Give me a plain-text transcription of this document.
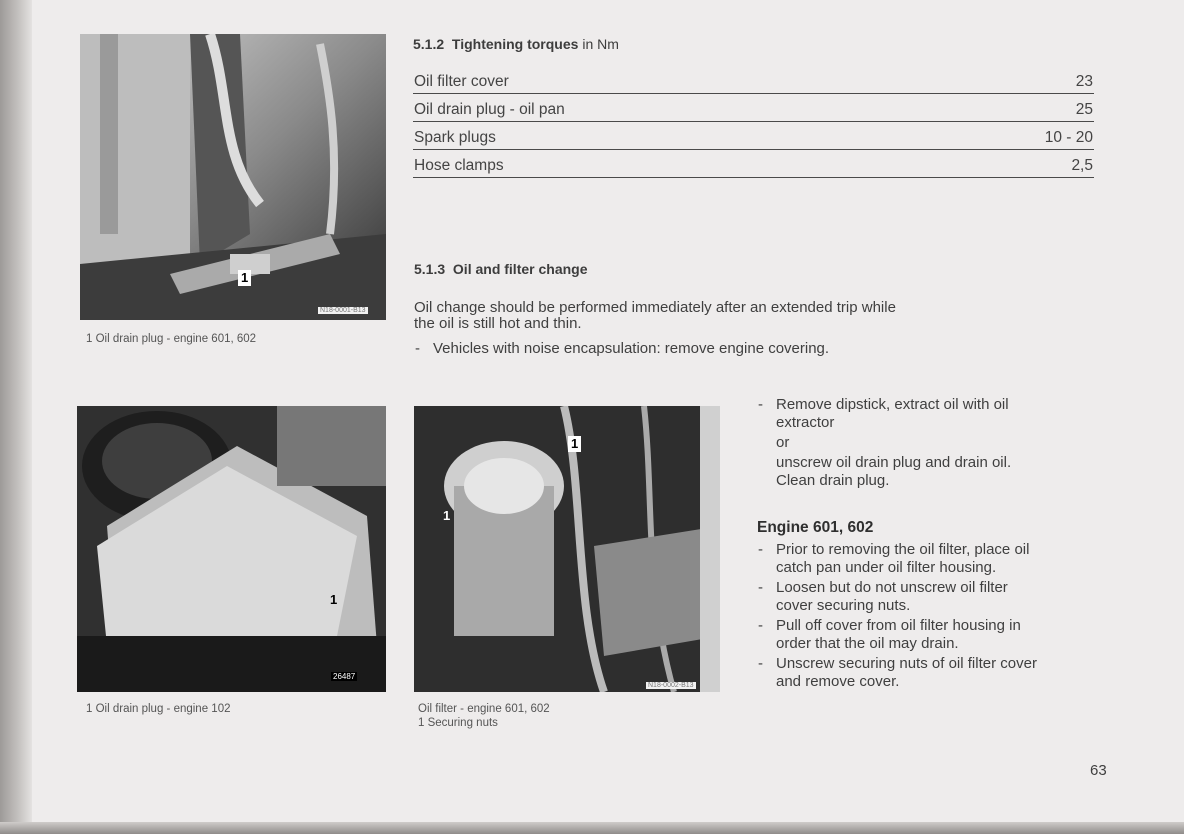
1
N18-0001-B13
1 Oil drain plug - engine 601, 602
1
26487
1 Oil drain plug - engine 102
1
1
N18-0002-B13
Oil filter - engine 601, 602
1 Securing nuts
5.1.2 Tightening torques in Nm
Oil filter cover	23
Oil drain plug - oil pan	25
Spark plugs	10 - 20
Hose clamps	2,5
5.1.3 Oil and filter change

Oil change should be performed immediately after an extended trip while

the oil is still hot and thin.

- Vehicles with noise encapsulation: remove engine covering.
- Remove dipstick, extract oil with oil
extractor
or
unscrew oil drain plug and drain oil.
Clean drain plug.
Engine 601, 602
- Prior to removing the oil filter, place oil
catch pan under oil filter housing.
- Loosen but do not unscrew oil filter
cover securing nuts.
- Pull off cover from oil filter housing in
order that the oil may drain.
- Unscrew securing nuts of oil filter cover
and remove cover.
63
